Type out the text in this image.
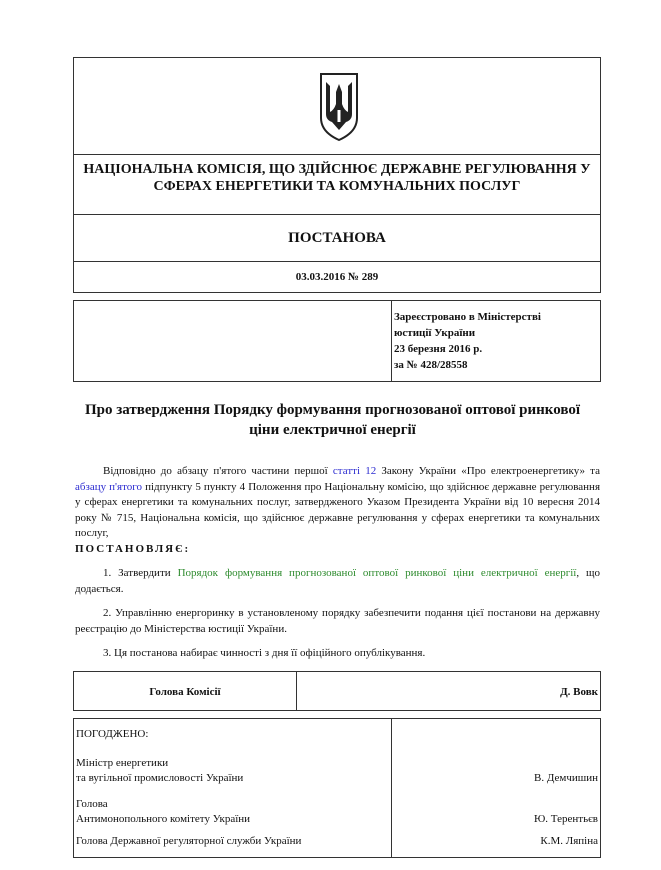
НАЦІОНАЛЬНА КОМІСІЯ, ЩО ЗДІЙСНЮЄ ДЕРЖАВНЕ РЕГУЛЮВАННЯ У СФЕРАХ ЕНЕРГЕТИКИ ТА КОМУНАЛЬНИХ ПОСЛУГ
ПОСТАНОВА
03.03.2016 № 289
Зареєстровано в Міністерстві
юстиції України
23 березня 2016 р.
за № 428/28558
Про затвердження Порядку формування прогнозованої оптової ринкової ціни електричної енергії
Відповідно до абзацу п'ятого частини першої статті 12 Закону України «Про електроенергетику» та абзацу п'ятого підпункту 5 пункту 4 Положення про Національну комісію, що здійснює державне регулювання у сферах енергетики та комунальних послуг, затвердженого Указом Президента України від 10 вересня 2014 року № 715, Національна комісія, що здійснює державне регулювання у сферах енергетики та комунальних послуг,
ПОСТАНОВЛЯЄ:
1. Затвердити Порядок формування прогнозованої оптової ринкової ціни електричної енергії, що додається.
2. Управлінню енергоринку в установленому порядку забезпечити подання цієї постанови на державну реєстрацію до Міністерства юстиції України.
3. Ця постанова набирає чинності з дня її офіційного опублікування.
Голова Комісії	Д. Вовк
ПОГОДЖЕНО:
Міністр енергетики
та вугільної промисловості України
Голова
Антимонопольного комітету України
Голова Державної регуляторної служби України
В. Демчишин
Ю. Терентьєв
К.М. Ляпіна
